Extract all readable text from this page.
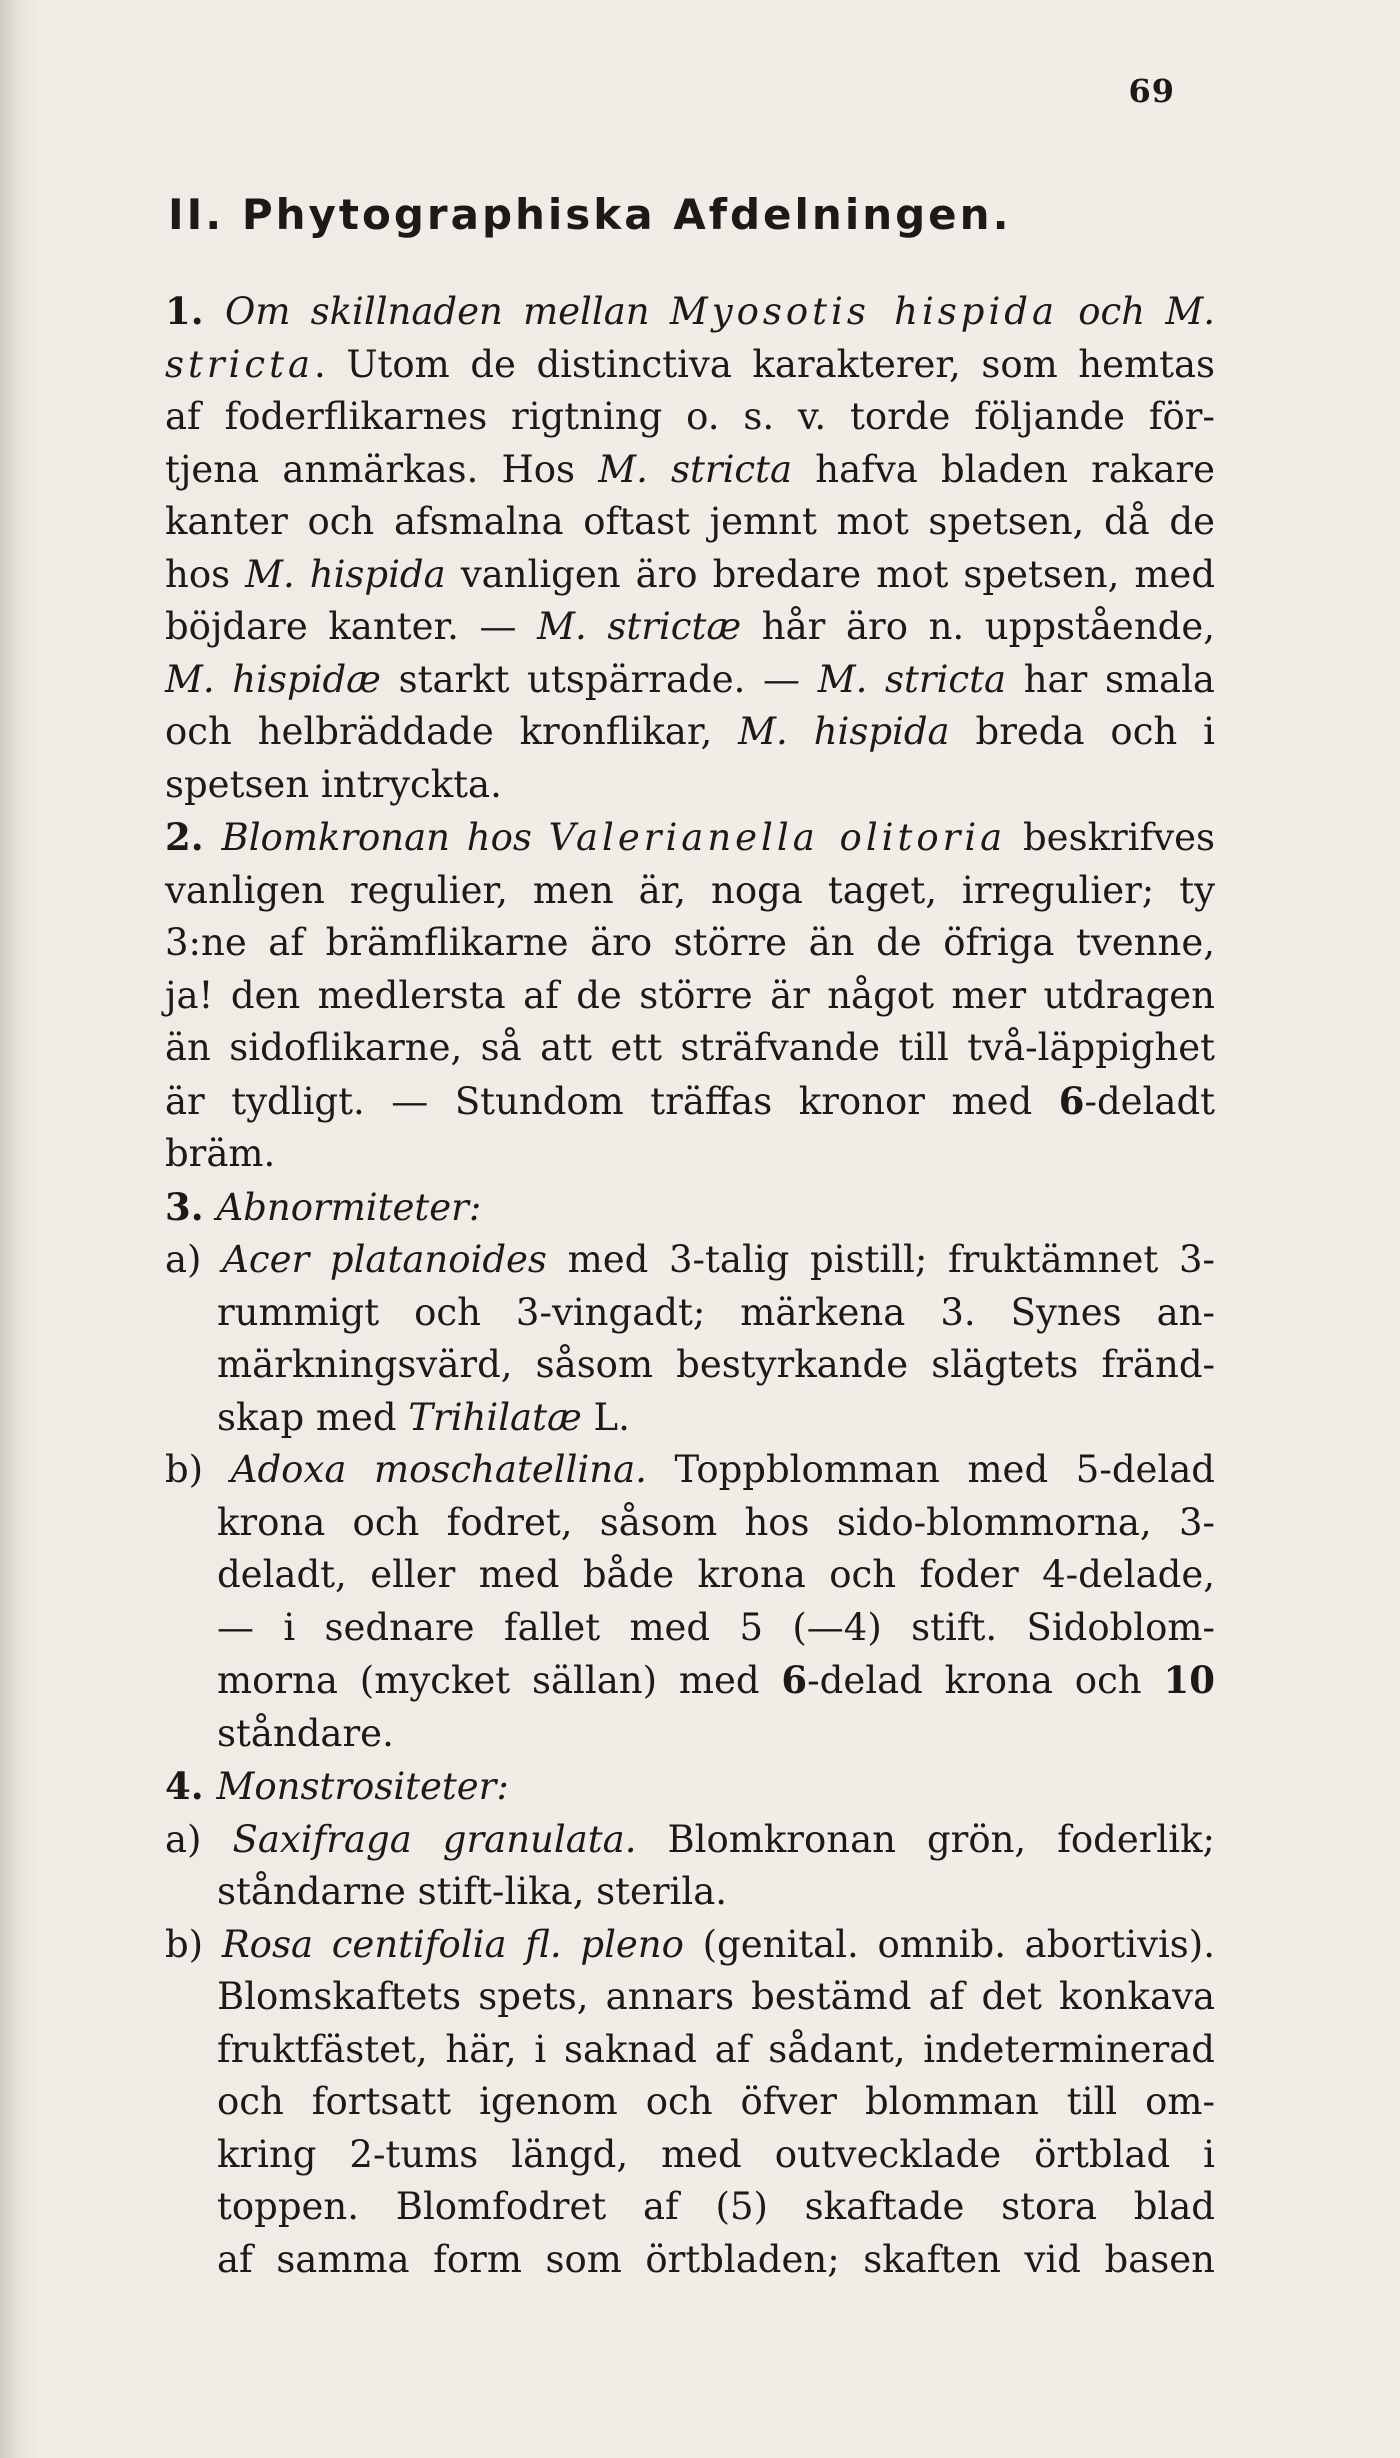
69
II. Phytographiska Afdelningen.
1. Om skillnaden mellan Myosotis hispida och M.
stricta. Utom de distinctiva karakterer, som hemtas
af foderflikarnes rigtning o. s. v. torde följande för-
tjena anmärkas. Hos M. stricta hafva bladen rakare
kanter och afsmalna oftast jemnt mot spetsen, då de
hos M. hispida vanligen äro bredare mot spetsen, med
böjdare kanter. — M. strictæ hår äro n. uppstående,
M. hispidæ starkt utspärrade. — M. stricta har smala
och helbräddade kronflikar, M. hispida breda och i
spetsen intryckta.
2. Blomkronan hos Valerianella olitoria beskrifves
vanligen regulier, men är, noga taget, irregulier; ty
3:ne af brämflikarne äro större än de öfriga tvenne,
ja! den medlersta af de större är något mer utdragen
än sidoflikarne, så att ett sträfvande till två-läppighet
är tydligt. — Stundom träffas kronor med 6-deladt
bräm.
3. Abnormiteter:
a) Acer platanoides med 3-talig pistill; fruktämnet 3-
rummigt och 3-vingadt; märkena 3. Synes an-
märkningsvärd, såsom bestyrkande slägtets fränd-
skap med Trihilatæ L.
b) Adoxa moschatellina. Toppblomman med 5-delad
krona och fodret, såsom hos sido-blommorna, 3-
deladt, eller med både krona och foder 4-delade,
— i sednare fallet med 5 (—4) stift. Sidoblom-
morna (mycket sällan) med 6-delad krona och 10
ståndare.
4. Monstrositeter:
a) Saxifraga granulata. Blomkronan grön, foderlik;
ståndarne stift-lika, sterila.
b) Rosa centifolia fl. pleno (genital. omnib. abortivis).
Blomskaftets spets, annars bestämd af det konkava
fruktfästet, här, i saknad af sådant, indeterminerad
och fortsatt igenom och öfver blomman till om-
kring 2-tums längd, med outvecklade örtblad i
toppen. Blomfodret af (5) skaftade stora blad
af samma form som örtbladen; skaften vid basen
